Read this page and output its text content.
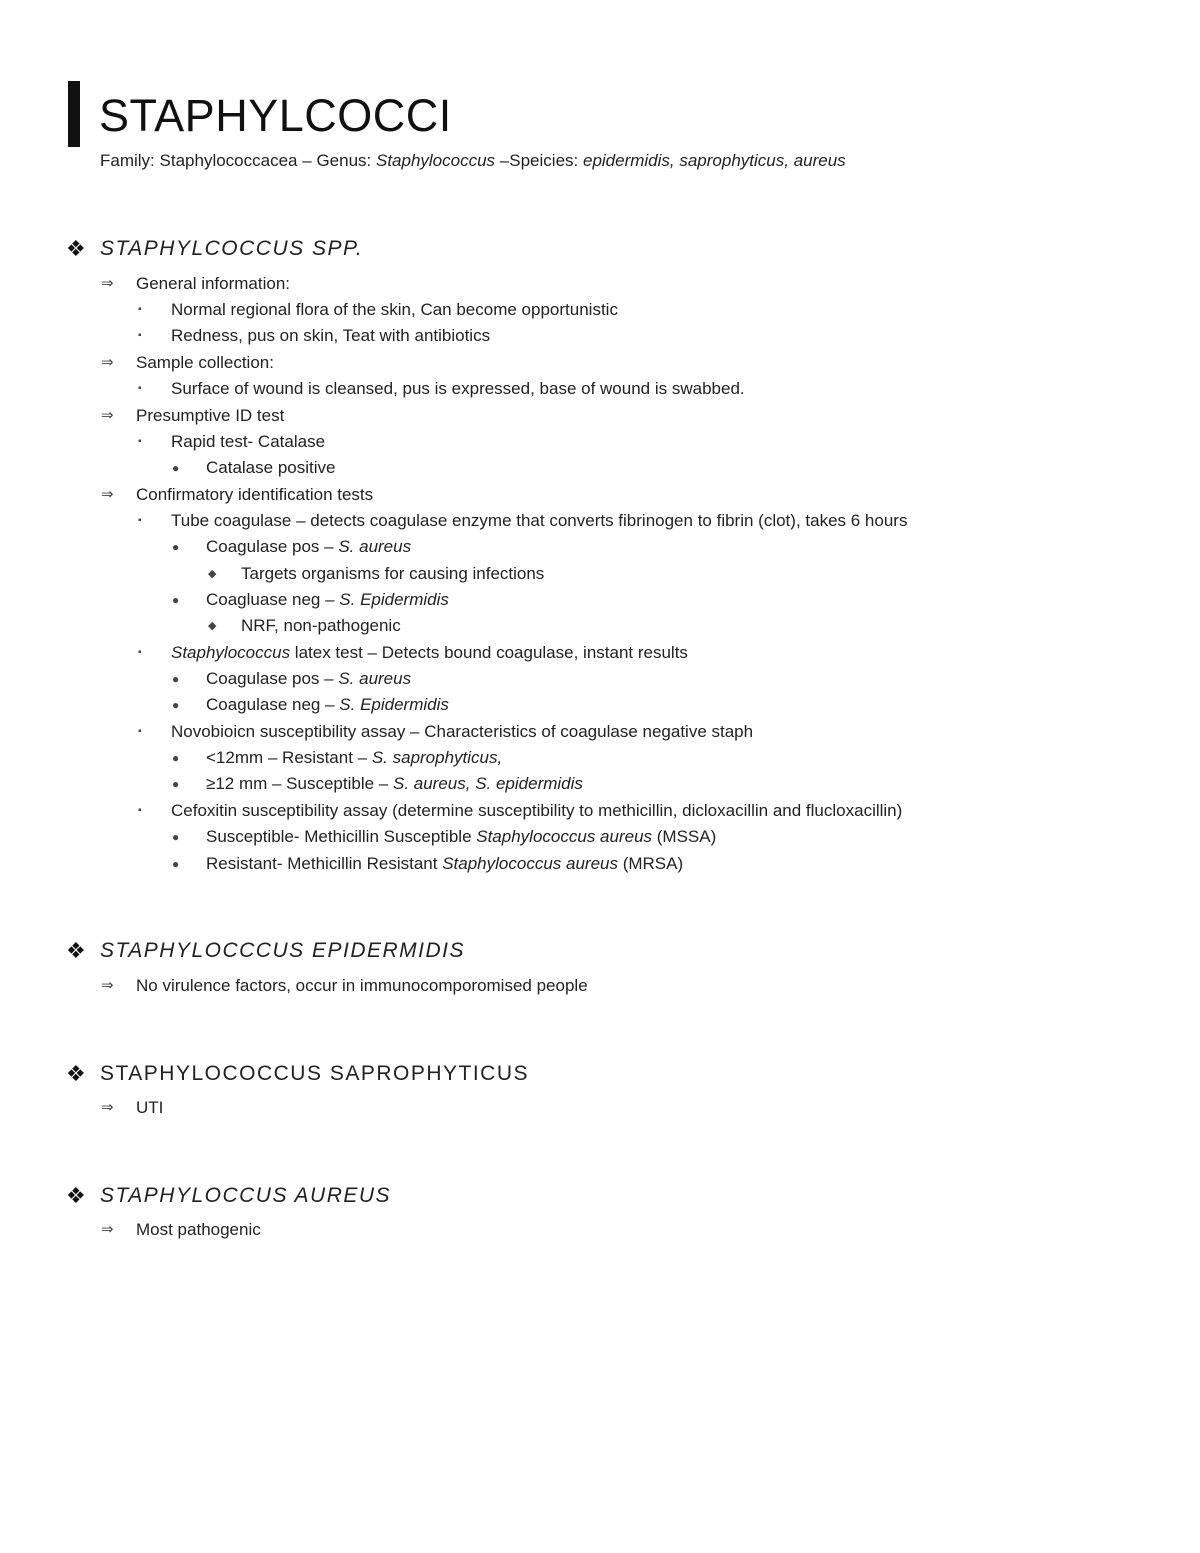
STAPHYLCOCCI
Family: Staphylococcacea – Genus: Staphylococcus –Speicies: epidermidis, saprophyticus, aureus
❖ STAPHYLCOCCUS SPP.
⇒ General information:
▪ Normal regional flora of the skin, Can become opportunistic
▪ Redness, pus on skin, Teat with antibiotics
⇒ Sample collection:
▪ Surface of wound is cleansed, pus is expressed, base of wound is swabbed.
⇒ Presumptive ID test
▪ Rapid test- Catalase
● Catalase positive
⇒ Confirmatory identification tests
▪ Tube coagulase – detects coagulase enzyme that converts fibrinogen to fibrin (clot), takes 6 hours
● Coagulase pos – S. aureus
◆ Targets organisms for causing infections
● Coagluase neg – S. Epidermidis
◆ NRF, non-pathogenic
▪ Staphylococcus latex test – Detects bound coagulase, instant results
● Coagulase pos – S. aureus
● Coagulase neg – S. Epidermidis
▪ Novobioicn susceptibility assay – Characteristics of coagulase negative staph
● <12mm – Resistant – S. saprophyticus,
● ≥12 mm – Susceptible – S. aureus, S. epidermidis
▪ Cefoxitin susceptibility assay (determine susceptibility to methicillin, dicloxacillin and flucloxacillin)
● Susceptible- Methicillin Susceptible Staphylococcus aureus (MSSA)
● Resistant- Methicillin Resistant Staphylococcus aureus (MRSA)
❖ STAPHYLOCCCUS EPIDERMIDIS
⇒ No virulence factors, occur in immunocomporomised people
❖ STAPHYLOCOCCUS SAPROPHYTICUS
⇒ UTI
❖ STAPHYLOCCUS AUREUS
⇒ Most pathogenic
